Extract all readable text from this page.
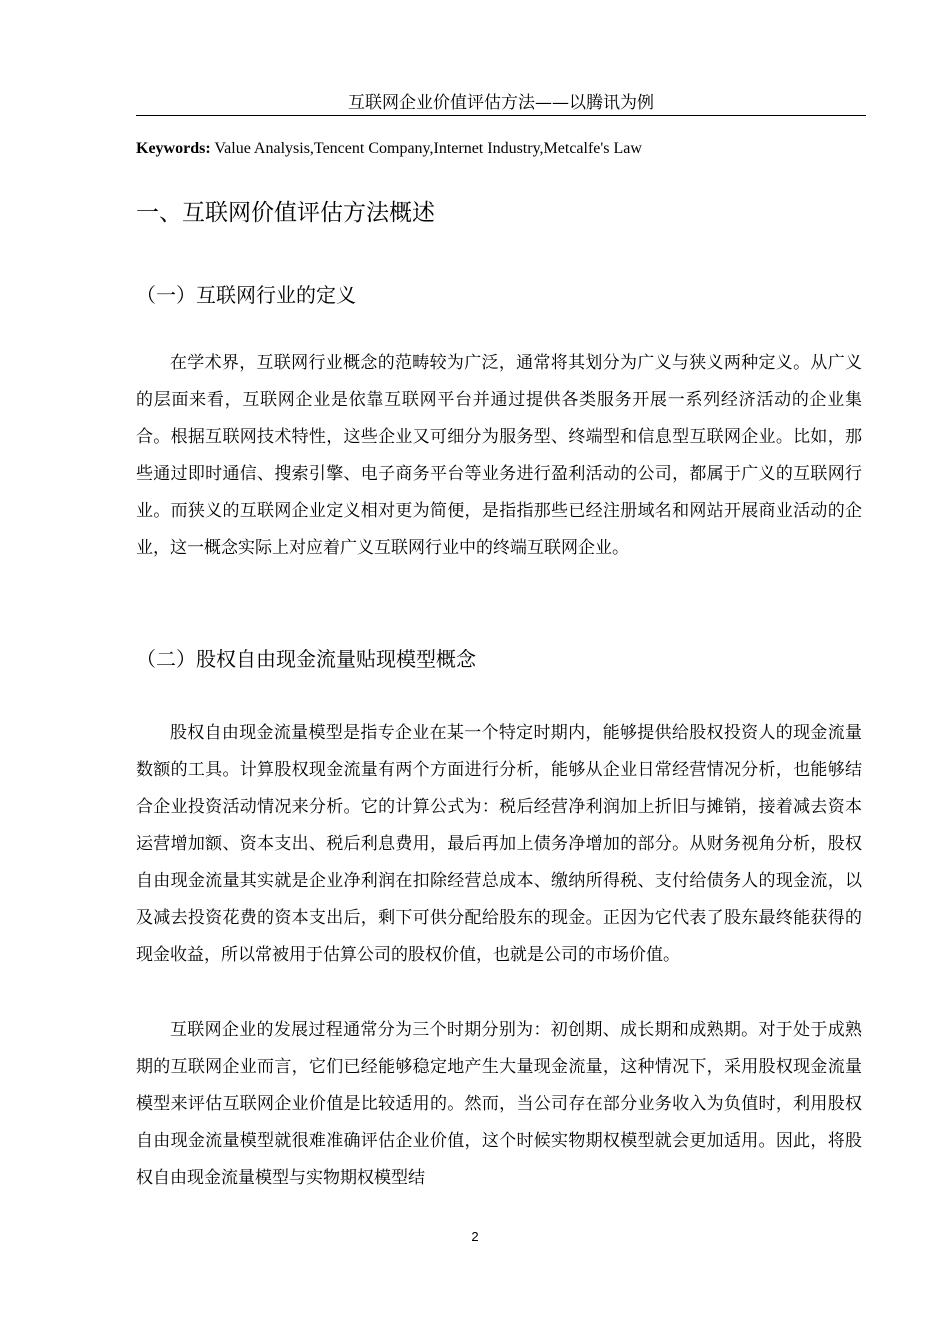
互联网企业价值评估方法——以腾讯为例
Keywords: Value Analysis,Tencent Company,Internet Industry,Metcalfe's Law
一、互联网价值评估方法概述
（一）互联网行业的定义

在学术界，互联网行业概念的范畴较为广泛，通常将其划分为广义与狭义两种定义。从广义的层面来看，互联网企业是依靠互联网平台并通过提供各类服务开展一系列经济活动的企业集合。根据互联网技术特性，这些企业又可细分为服务型、终端型和信息型互联网企业。比如，那些通过即时通信、搜索引擎、电子商务平台等业务进行盈利活动的公司，都属于广义的互联网行业。而狭义的互联网企业定义相对更为简便，是指指那些已经注册域名和网站开展商业活动的企业，这一概念实际上对应着广义互联网行业中的终端互联网企业。

（二）股权自由现金流量贴现模型概念

股权自由现金流量模型是指专企业在某一个特定时期内，能够提供给股权投资人的现金流量数额的工具。计算股权现金流量有两个方面进行分析，能够从企业日常经营情况分析，也能够结合企业投资活动情况来分析。它的计算公式为：税后经营净利润加上折旧与摊销，接着减去资本运营增加额、资本支出、税后利息费用，最后再加上债务净增加的部分。从财务视角分析，股权自由现金流量其实就是企业净利润在扣除经营总成本、缴纳所得税、支付给债务人的现金流，以及减去投资花费的资本支出后，剩下可供分配给股东的现金。正因为它代表了股东最终能获得的现金收益，所以常被用于估算公司的股权价值，也就是公司的市场价值。

互联网企业的发展过程通常分为三个时期分别为：初创期、成长期和成熟期。对于处于成熟期的互联网企业而言，它们已经能够稳定地产生大量现金流量，这种情况下，采用股权现金流量模型来评估互联网企业价值是比较适用的。然而，当公司存在部分业务收入为负值时，利用股权自由现金流量模型就很难准确评估企业价值，这个时候实物期权模型就会更加适用。因此，将股权自由现金流量模型与实物期权模型结

2
